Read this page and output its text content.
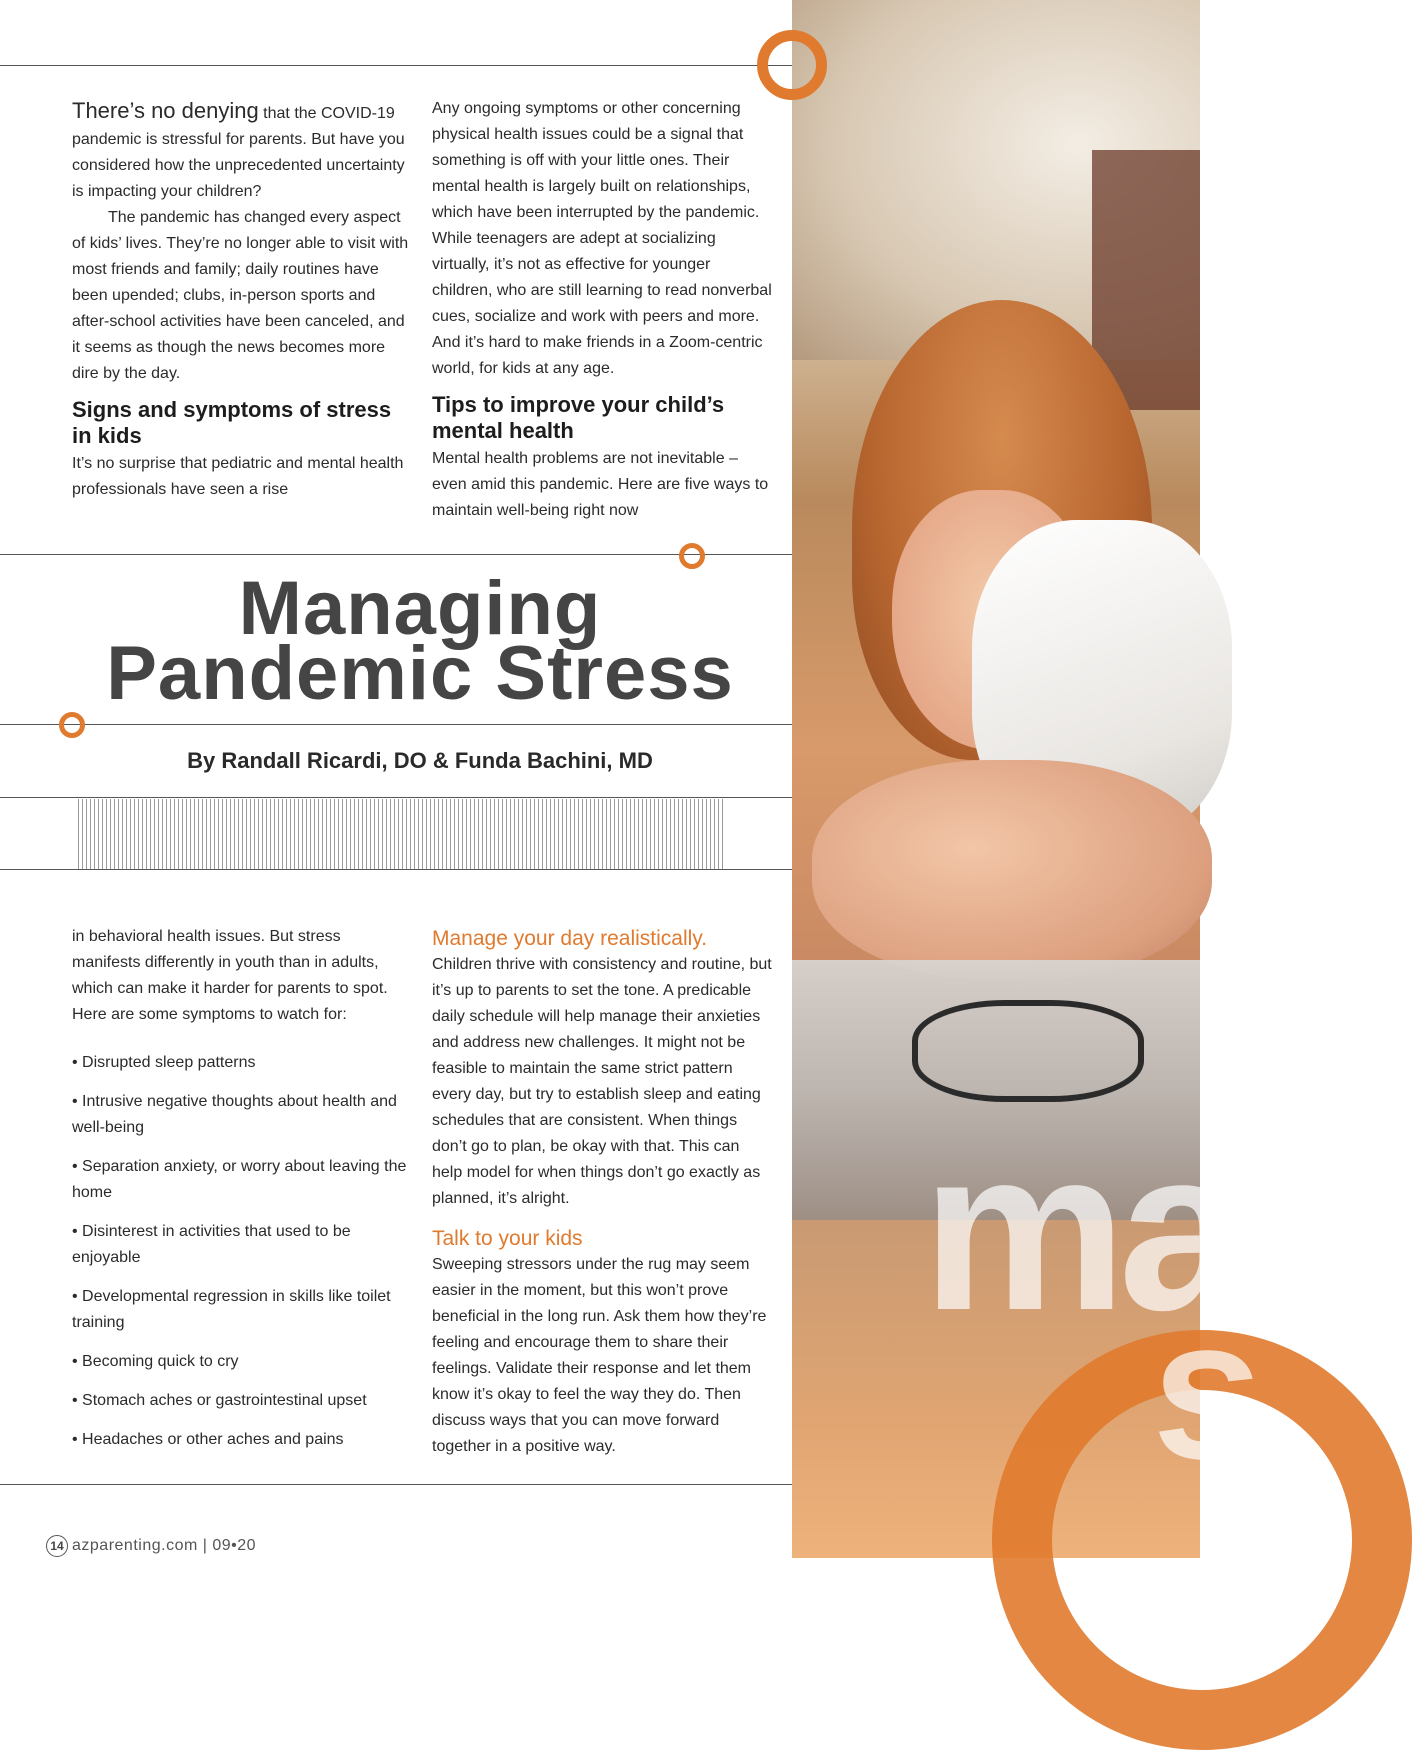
ma
s

There’s no denying that the COVID-19 pandemic is stressful for parents. But have you considered how the unprecedented uncertainty is impacting your children?

The pandemic has changed every aspect of kids’ lives. They’re no longer able to visit with most friends and family; daily routines have been upended; clubs, in-person sports and after-school activities have been canceled, and it seems as though the news becomes more dire by the day.

Signs and symptoms of stress in kids

It’s no surprise that pediatric and mental health professionals have seen a rise

Any ongoing symptoms or other concerning physical health issues could be a signal that something is off with your little ones. Their mental health is largely built on relationships, which have been interrupted by the pandemic. While teenagers are adept at socializing virtually, it’s not as effective for younger children, who are still learning to read nonverbal cues, socialize and work with peers and more. And it’s hard to make friends in a Zoom-centric world, for kids at any age.

Tips to improve your child’s mental health

Mental health problems are not inevitable – even amid this pandemic. Here are five ways to maintain well-being right now

Managing
Pandemic Stress
By Randall Ricardi, DO & Funda Bachini, MD

in behavioral health issues. But stress manifests differently in youth than in adults, which can make it harder for parents to spot. Here are some symptoms to watch for:

• Disrupted sleep patterns

• Intrusive negative thoughts about health and well-being

• Separation anxiety, or worry about leaving the home

• Disinterest in activities that used to be enjoyable

• Developmental regression in skills like toilet training

• Becoming quick to cry

• Stomach aches or gastrointestinal upset

• Headaches or other aches and pains

Manage your day realistically.

Children thrive with consistency and routine, but it’s up to parents to set the tone. A predicable daily schedule will help manage their anxieties and address new challenges. It might not be feasible to maintain the same strict pattern every day, but try to establish sleep and eating schedules that are consistent. When things don’t go to plan, be okay with that. This can help model for when things don’t go exactly as planned, it’s alright.

Talk to your kids

Sweeping stressors under the rug may seem easier in the moment, but this won’t prove beneficial in the long run. Ask them how they’re feeling and encourage them to share their feelings. Validate their response and let them know it’s okay to feel the way they do. Then discuss ways that you can move forward together in a positive way.

14 azparenting.com | 09•20
